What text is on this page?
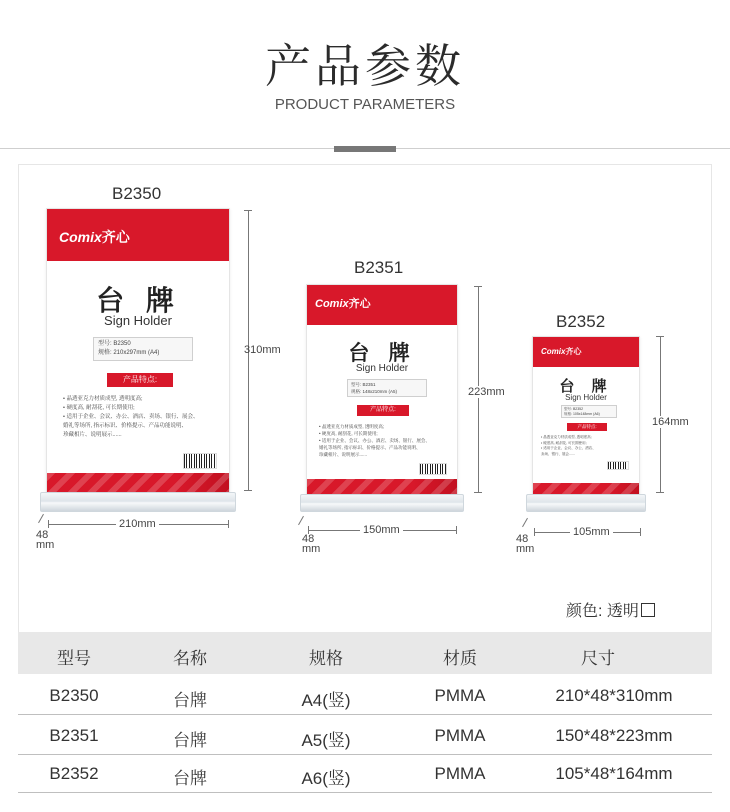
产品参数
PRODUCT PARAMETERS
B2350
Comix齐心
台 牌
Sign Holder
型号: B2350
规格: 210x297mm (A4)
产品特点:
• 晶透亚克力材质成型, 透明度高;
• 硬度高, 耐刮花, 可长期使用;
• 适用于企业、会议、办公、酒店、卖场、银行、展会、
婚礼等场所, 指示标识、价格提示、产品功能说明、
珍藏相片、说明展示......
310mm
210mm
48
mm
B2351
Comix齐心
台 牌
Sign Holder
型号: B2351
规格: 148x210mm (A5)
产品特点:
• 晶透亚克力材质成型, 透明度高;
• 硬度高, 耐刮花, 可长期使用;
• 适用于企业、会议、办公、酒店、卖场、银行、展会、
婚礼等场所, 指示标识、价格提示、产品功能说明、
珍藏相片、说明展示......
223mm
150mm
48
mm
B2352
Comix齐心
台 牌
Sign Holder
型号: B2352
规格: 105x148mm (A6)
产品特点:
• 晶透亚克力材质成型, 透明度高;
• 硬度高, 耐刮花, 可长期使用;
• 适用于企业、会议、办公、酒店、
卖场、银行、展会......
164mm
105mm
48
mm
颜色: 透明
型号	名称	规格	材质	尺寸
B2350	台牌	A4(竖)	PMMA	210*48*310mm
B2351	台牌	A5(竖)	PMMA	150*48*223mm
B2352	台牌	A6(竖)	PMMA	105*48*164mm
